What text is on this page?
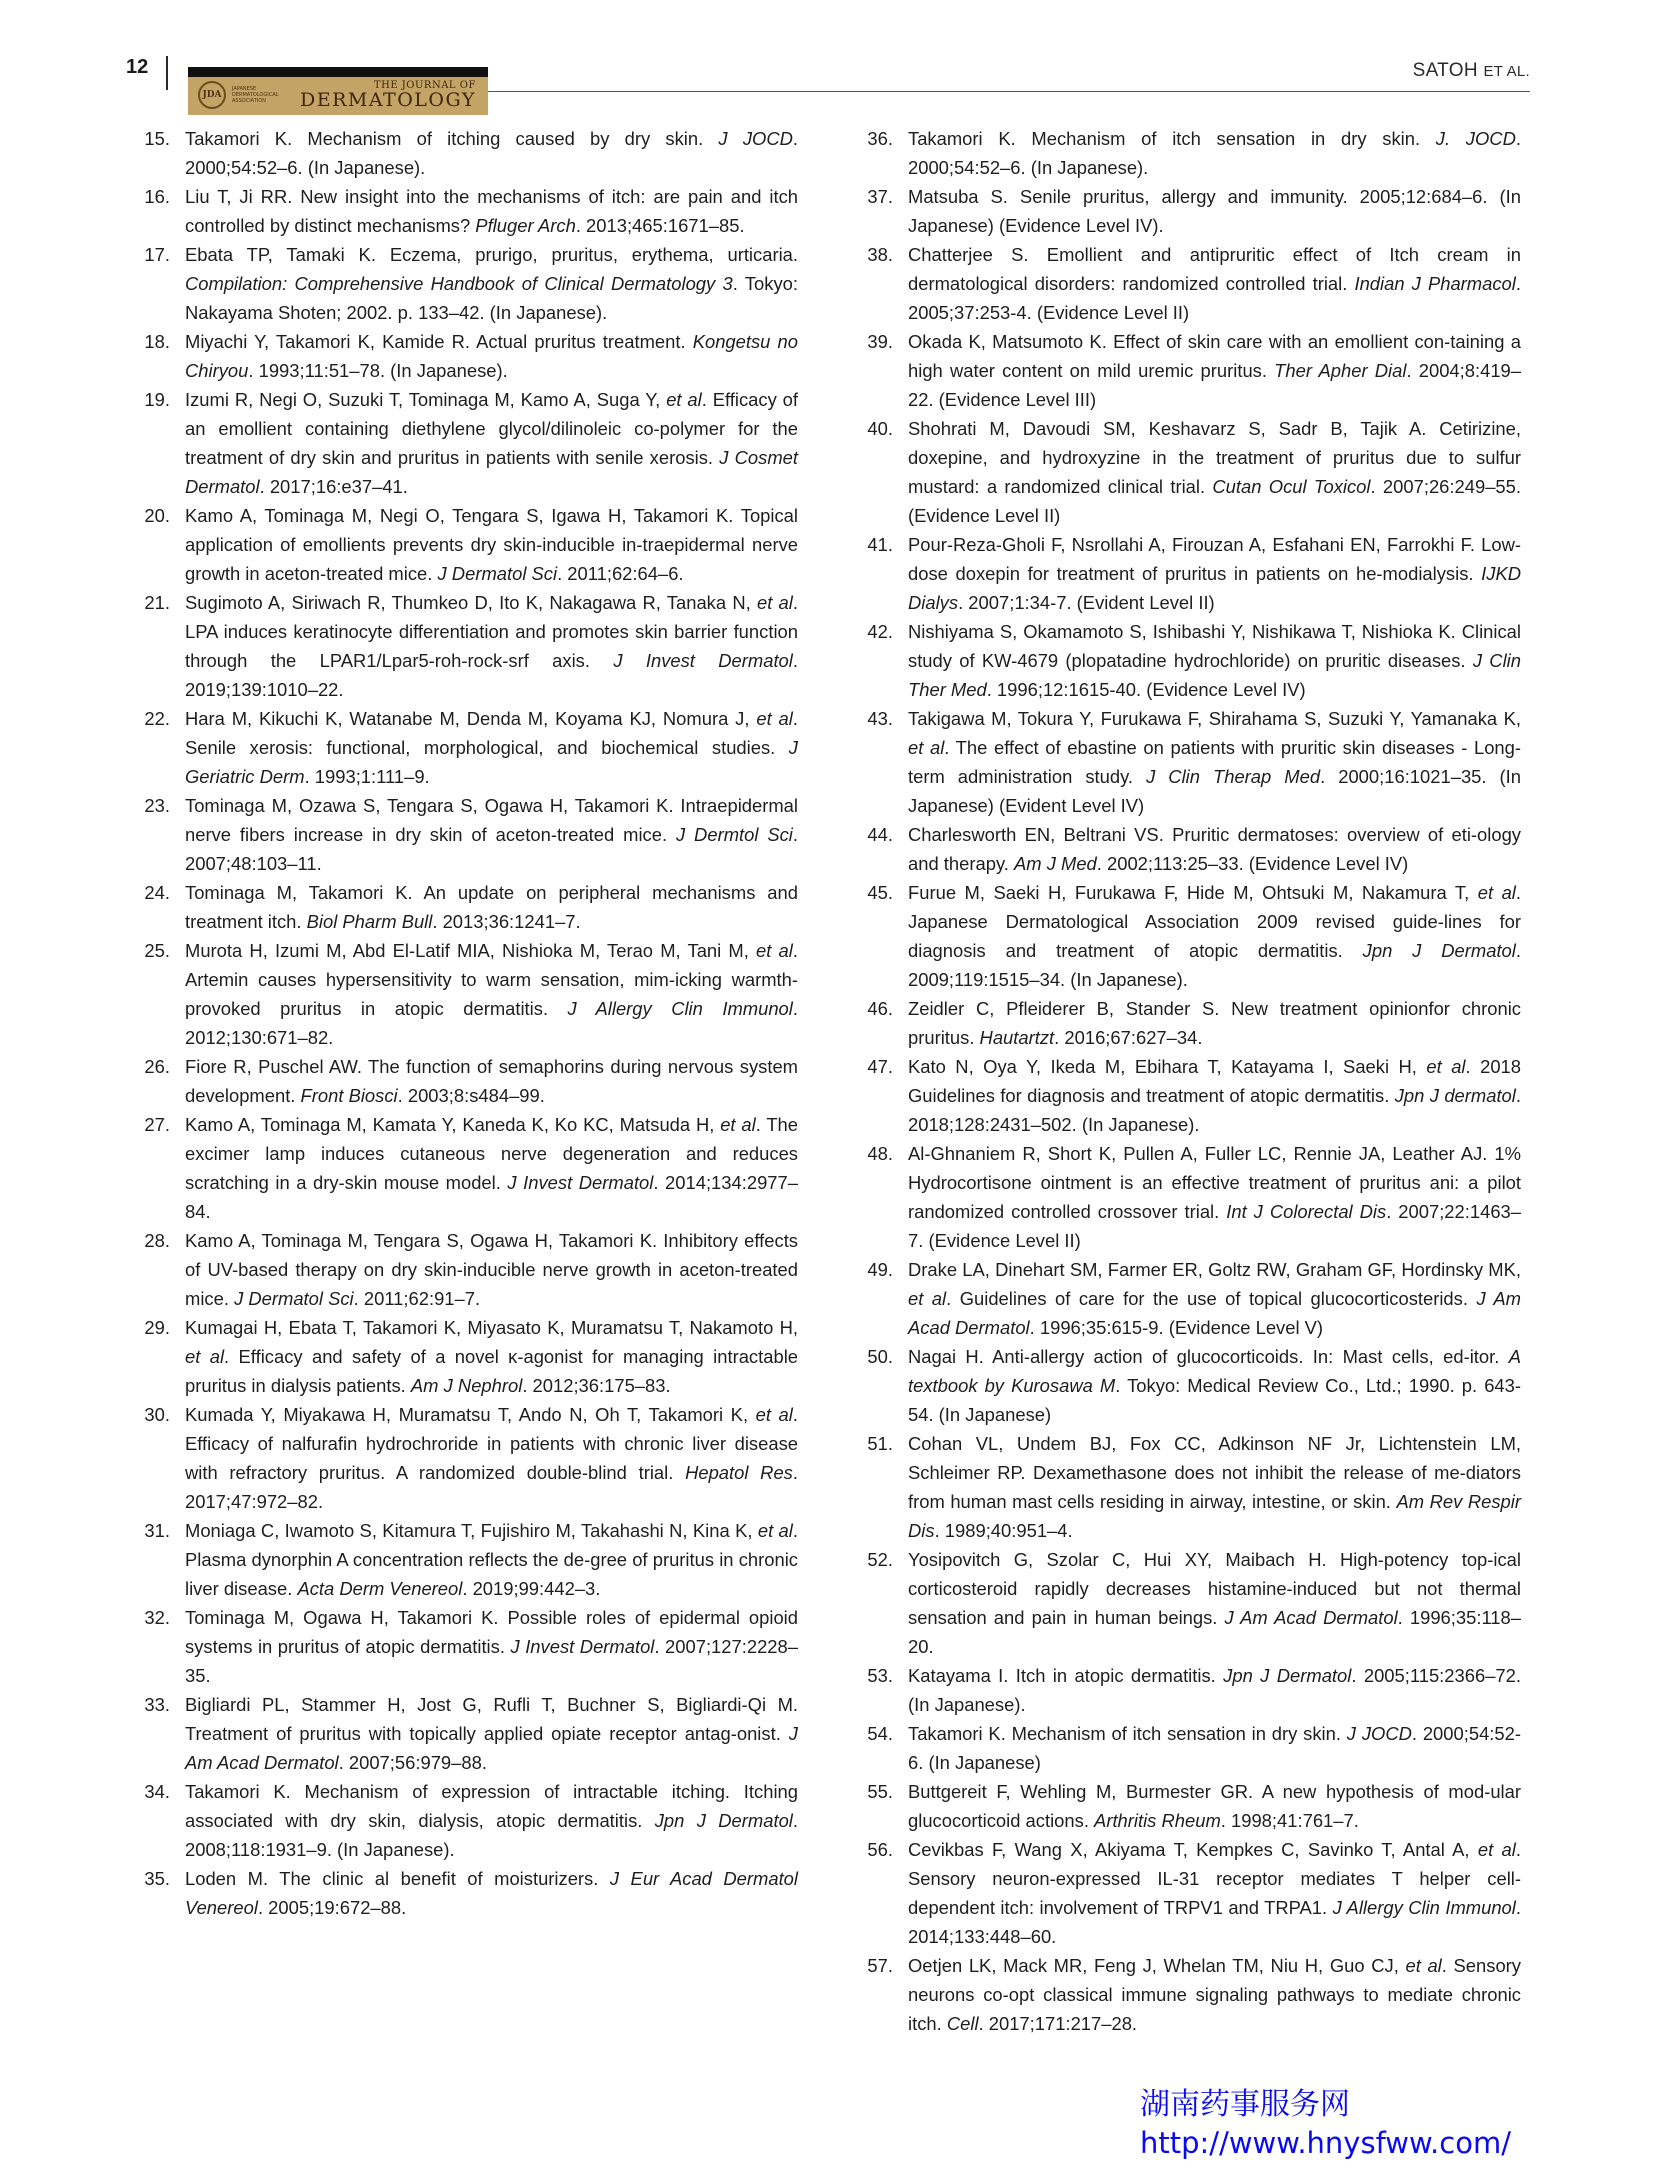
12
JDA
JAPANESE DERMATOLOGICAL ASSOCIATION
THE JOURNAL OF
DERMATOLOGY
SATOH ET AL.
15. Takamori K. Mechanism of itching caused by dry skin. J JOCD. 2000;54:52–6. (In Japanese).
16. Liu T, Ji RR. New insight into the mechanisms of itch: are pain and itch controlled by distinct mechanisms? Pfluger Arch. 2013;465:1671–85.
17. Ebata TP, Tamaki K. Eczema, prurigo, pruritus, erythema, urticaria. Compilation: Comprehensive Handbook of Clinical Dermatology 3. Tokyo: Nakayama Shoten; 2002. p. 133–42. (In Japanese).
18. Miyachi Y, Takamori K, Kamide R. Actual pruritus treatment. Kongetsu no Chiryou. 1993;11:51–78. (In Japanese).
19. Izumi R, Negi O, Suzuki T, Tominaga M, Kamo A, Suga Y, et al. Efficacy of an emollient containing diethylene glycol/dilinoleic co-polymer for the treatment of dry skin and pruritus in patients with senile xerosis. J Cosmet Dermatol. 2017;16:e37–41.
20. Kamo A, Tominaga M, Negi O, Tengara S, Igawa H, Takamori K. Topical application of emollients prevents dry skin-inducible in-traepidermal nerve growth in aceton-treated mice. J Dermatol Sci. 2011;62:64–6.
21. Sugimoto A, Siriwach R, Thumkeo D, Ito K, Nakagawa R, Tanaka N, et al. LPA induces keratinocyte differentiation and promotes skin barrier function through the LPAR1/Lpar5-roh-rock-srf axis. J Invest Dermatol. 2019;139:1010–22.
22. Hara M, Kikuchi K, Watanabe M, Denda M, Koyama KJ, Nomura J, et al. Senile xerosis: functional, morphological, and biochemical studies. J Geriatric Derm. 1993;1:111–9.
23. Tominaga M, Ozawa S, Tengara S, Ogawa H, Takamori K. Intraepidermal nerve fibers increase in dry skin of aceton-treated mice. J Dermtol Sci. 2007;48:103–11.
24. Tominaga M, Takamori K. An update on peripheral mechanisms and treatment itch. Biol Pharm Bull. 2013;36:1241–7.
25. Murota H, Izumi M, Abd El-Latif MIA, Nishioka M, Terao M, Tani M, et al. Artemin causes hypersensitivity to warm sensation, mim-icking warmth-provoked pruritus in atopic dermatitis. J Allergy Clin Immunol. 2012;130:671–82.
26. Fiore R, Puschel AW. The function of semaphorins during nervous system development. Front Biosci. 2003;8:s484–99.
27. Kamo A, Tominaga M, Kamata Y, Kaneda K, Ko KC, Matsuda H, et al. The excimer lamp induces cutaneous nerve degeneration and reduces scratching in a dry-skin mouse model. J Invest Dermatol. 2014;134:2977–84.
28. Kamo A, Tominaga M, Tengara S, Ogawa H, Takamori K. Inhibitory effects of UV-based therapy on dry skin-inducible nerve growth in aceton-treated mice. J Dermatol Sci. 2011;62:91–7.
29. Kumagai H, Ebata T, Takamori K, Miyasato K, Muramatsu T, Nakamoto H, et al. Efficacy and safety of a novel κ-agonist for managing intractable pruritus in dialysis patients. Am J Nephrol. 2012;36:175–83.
30. Kumada Y, Miyakawa H, Muramatsu T, Ando N, Oh T, Takamori K, et al. Efficacy of nalfurafin hydrochroride in patients with chronic liver disease with refractory pruritus. A randomized double-blind trial. Hepatol Res. 2017;47:972–82.
31. Moniaga C, Iwamoto S, Kitamura T, Fujishiro M, Takahashi N, Kina K, et al. Plasma dynorphin A concentration reflects the de-gree of pruritus in chronic liver disease. Acta Derm Venereol. 2019;99:442–3.
32. Tominaga M, Ogawa H, Takamori K. Possible roles of epidermal opioid systems in pruritus of atopic dermatitis. J Invest Dermatol. 2007;127:2228–35.
33. Bigliardi PL, Stammer H, Jost G, Rufli T, Buchner S, Bigliardi-Qi M. Treatment of pruritus with topically applied opiate receptor antag-onist. J Am Acad Dermatol. 2007;56:979–88.
34. Takamori K. Mechanism of expression of intractable itching. Itching associated with dry skin, dialysis, atopic dermatitis. Jpn J Dermatol. 2008;118:1931–9. (In Japanese).
35. Loden M. The clinic al benefit of moisturizers. J Eur Acad Dermatol Venereol. 2005;19:672–88.
36. Takamori K. Mechanism of itch sensation in dry skin. J. JOCD. 2000;54:52–6. (In Japanese).
37. Matsuba S. Senile pruritus, allergy and immunity. 2005;12:684–6. (In Japanese) (Evidence Level IV).
38. Chatterjee S. Emollient and antipruritic effect of Itch cream in dermatological disorders: randomized controlled trial. Indian J Pharmacol. 2005;37:253-4. (Evidence Level II)
39. Okada K, Matsumoto K. Effect of skin care with an emollient con-taining a high water content on mild uremic pruritus. Ther Apher Dial. 2004;8:419–22. (Evidence Level III)
40. Shohrati M, Davoudi SM, Keshavarz S, Sadr B, Tajik A. Cetirizine, doxepine, and hydroxyzine in the treatment of pruritus due to sulfur mustard: a randomized clinical trial. Cutan Ocul Toxicol. 2007;26:249–55. (Evidence Level II)
41. Pour-Reza-Gholi F, Nsrollahi A, Firouzan A, Esfahani EN, Farrokhi F. Low-dose doxepin for treatment of pruritus in patients on he-modialysis. IJKD Dialys. 2007;1:34-7. (Evident Level II)
42. Nishiyama S, Okamamoto S, Ishibashi Y, Nishikawa T, Nishioka K. Clinical study of KW-4679 (plopatadine hydrochloride) on pruritic diseases. J Clin Ther Med. 1996;12:1615-40. (Evidence Level IV)
43. Takigawa M, Tokura Y, Furukawa F, Shirahama S, Suzuki Y, Yamanaka K, et al. The effect of ebastine on patients with pruritic skin diseases - Long-term administration study. J Clin Therap Med. 2000;16:1021–35. (In Japanese) (Evident Level IV)
44. Charlesworth EN, Beltrani VS. Pruritic dermatoses: overview of eti-ology and therapy. Am J Med. 2002;113:25–33. (Evidence Level IV)
45. Furue M, Saeki H, Furukawa F, Hide M, Ohtsuki M, Nakamura T, et al. Japanese Dermatological Association 2009 revised guide-lines for diagnosis and treatment of atopic dermatitis. Jpn J Dermatol. 2009;119:1515–34. (In Japanese).
46. Zeidler C, Pfleiderer B, Stander S. New treatment opinionfor chronic pruritus. Hautartzt. 2016;67:627–34.
47. Kato N, Oya Y, Ikeda M, Ebihara T, Katayama I, Saeki H, et al. 2018 Guidelines for diagnosis and treatment of atopic dermatitis. Jpn J dermatol. 2018;128:2431–502. (In Japanese).
48. Al-Ghnaniem R, Short K, Pullen A, Fuller LC, Rennie JA, Leather AJ. 1% Hydrocortisone ointment is an effective treatment of pruritus ani: a pilot randomized controlled crossover trial. Int J Colorectal Dis. 2007;22:1463–7. (Evidence Level II)
49. Drake LA, Dinehart SM, Farmer ER, Goltz RW, Graham GF, Hordinsky MK, et al. Guidelines of care for the use of topical glucocorticosterids. J Am Acad Dermatol. 1996;35:615-9. (Evidence Level V)
50. Nagai H. Anti-allergy action of glucocorticoids. In: Mast cells, ed-itor. A textbook by Kurosawa M. Tokyo: Medical Review Co., Ltd.; 1990. p. 643-54. (In Japanese)
51. Cohan VL, Undem BJ, Fox CC, Adkinson NF Jr, Lichtenstein LM, Schleimer RP. Dexamethasone does not inhibit the release of me-diators from human mast cells residing in airway, intestine, or skin. Am Rev Respir Dis. 1989;40:951–4.
52. Yosipovitch G, Szolar C, Hui XY, Maibach H. High-potency top-ical corticosteroid rapidly decreases histamine-induced but not thermal sensation and pain in human beings. J Am Acad Dermatol. 1996;35:118–20.
53. Katayama I. Itch in atopic dermatitis. Jpn J Dermatol. 2005;115:2366–72. (In Japanese).
54. Takamori K. Mechanism of itch sensation in dry skin. J JOCD. 2000;54:52-6. (In Japanese)
55. Buttgereit F, Wehling M, Burmester GR. A new hypothesis of mod-ular glucocorticoid actions. Arthritis Rheum. 1998;41:761–7.
56. Cevikbas F, Wang X, Akiyama T, Kempkes C, Savinko T, Antal A, et al. Sensory neuron-expressed IL-31 receptor mediates T helper cell-dependent itch: involvement of TRPV1 and TRPA1. J Allergy Clin Immunol. 2014;133:448–60.
57. Oetjen LK, Mack MR, Feng J, Whelan TM, Niu H, Guo CJ, et al. Sensory neurons co-opt classical immune signaling pathways to mediate chronic itch. Cell. 2017;171:217–28.
湖南药事服务网
http://www.hnysfww.com/
